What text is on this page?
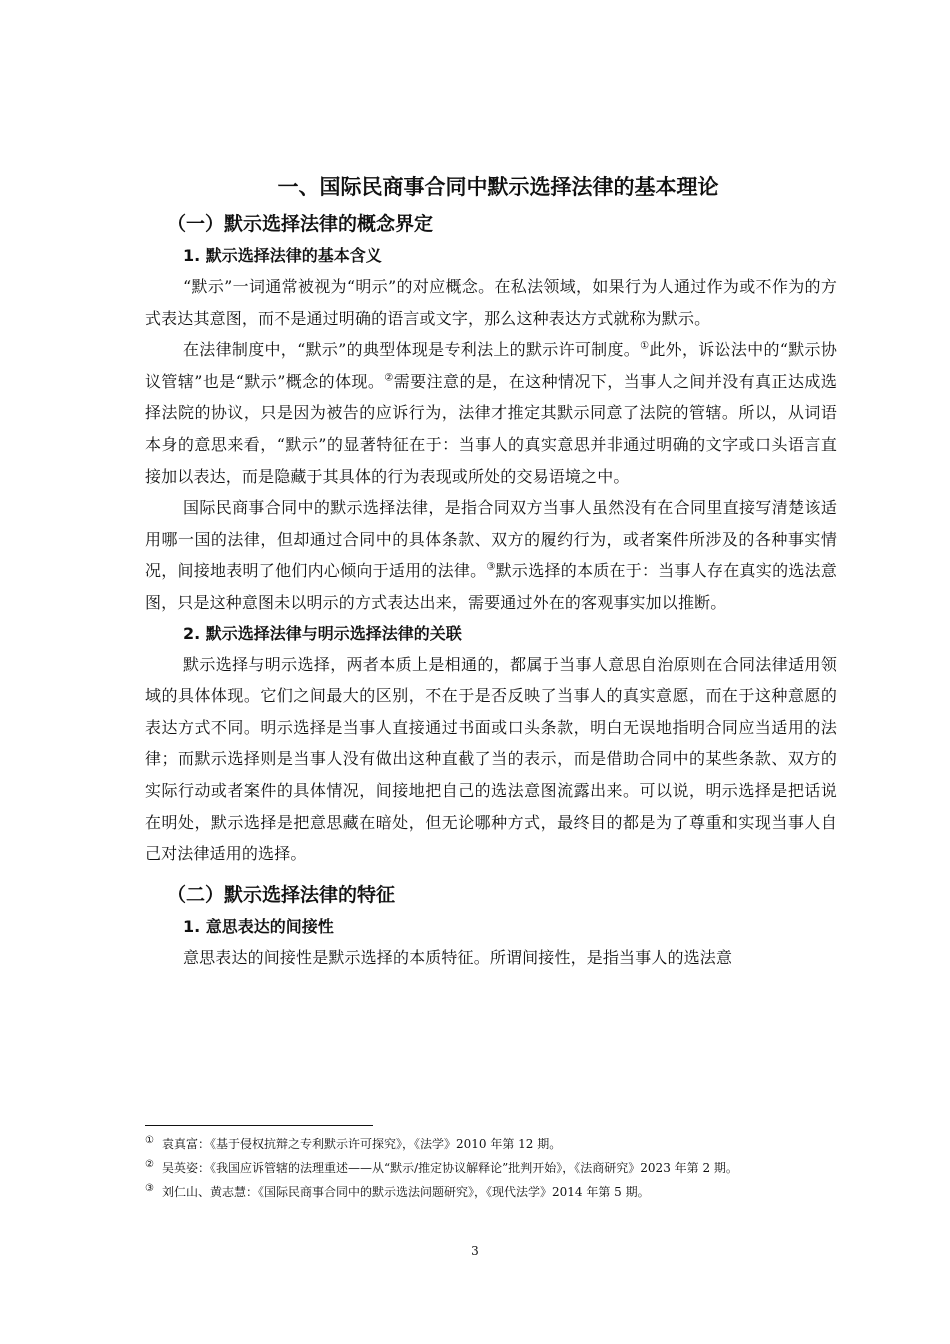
一、国际民商事合同中默示选择法律的基本理论
（一）默示选择法律的概念界定
1. 默示选择法律的基本含义

“默示”一词通常被视为“明示”的对应概念。在私法领域，如果行为人通过作为或不作为的方式表达其意图，而不是通过明确的语言或文字，那么这种表达方式就称为默示。

在法律制度中，“默示”的典型体现是专利法上的默示许可制度。①此外，诉讼法中的“默示协议管辖”也是“默示”概念的体现。②需要注意的是，在这种情况下，当事人之间并没有真正达成选择法院的协议，只是因为被告的应诉行为，法律才推定其默示同意了法院的管辖。所以，从词语本身的意思来看，“默示”的显著特征在于：当事人的真实意思并非通过明确的文字或口头语言直接加以表达，而是隐藏于其具体的行为表现或所处的交易语境之中。

国际民商事合同中的默示选择法律，是指合同双方当事人虽然没有在合同里直接写清楚该适用哪一国的法律，但却通过合同中的具体条款、双方的履约行为，或者案件所涉及的各种事实情况，间接地表明了他们内心倾向于适用的法律。③默示选择的本质在于：当事人存在真实的选法意图，只是这种意图未以明示的方式表达出来，需要通过外在的客观事实加以推断。

2. 默示选择法律与明示选择法律的关联

默示选择与明示选择，两者本质上是相通的，都属于当事人意思自治原则在合同法律适用领域的具体体现。它们之间最大的区别，不在于是否反映了当事人的真实意愿，而在于这种意愿的表达方式不同。明示选择是当事人直接通过书面或口头条款，明白无误地指明合同应当适用的法律；而默示选择则是当事人没有做出这种直截了当的表示，而是借助合同中的某些条款、双方的实际行动或者案件的具体情况，间接地把自己的选法意图流露出来。可以说，明示选择是把话说在明处，默示选择是把意思藏在暗处，但无论哪种方式，最终目的都是为了尊重和实现当事人自己对法律适用的选择。

（二）默示选择法律的特征
1. 意思表达的间接性

意思表达的间接性是默示选择的本质特征。所谓间接性，是指当事人的选法意

① 袁真富：《基于侵权抗辩之专利默示许可探究》，《法学》2010 年第 12 期。

② 吴英姿：《我国应诉管辖的法理重述——从“默示/推定协议解释论”批判开始》，《法商研究》2023 年第 2 期。

③ 刘仁山、黄志慧：《国际民商事合同中的默示选法问题研究》，《现代法学》2014 年第 5 期。

3
